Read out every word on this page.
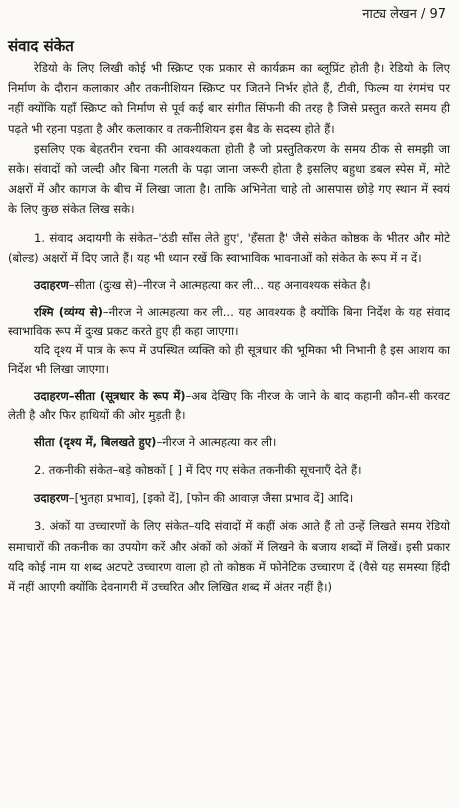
नाट्य लेखन / 97
संवाद संकेत

रेडियो के लिए लिखी कोई भी स्क्रिप्ट एक प्रकार से कार्यक्रम का ब्लूप्रिंट होती है। रेडियो के लिए निर्माण के दौरान कलाकार और तकनीशियन स्क्रिप्ट पर जितने निर्भर होते हैं, टीवी, फिल्म या रंगमंच पर नहीं क्योंकि यहाँ स्क्रिप्ट को निर्माण से पूर्व कई बार संगीत सिंफनी की तरह है जिसे प्रस्तुत करते समय ही पढ़ते भी रहना पड़ता है और कलाकार व तकनीशियन इस बैड के सदस्य होते हैं।

इसलिए एक बेहतरीन रचना की आवश्यकता होती है जो प्रस्तुतिकरण के समय ठीक से समझी जा सके। संवादों को जल्दी और बिना गलती के पढ़ा जाना जरूरी होता है इसलिए बहुधा डबल स्पेस में, मोटे अक्षरों में और कागज के बीच में लिखा जाता है। ताकि अभिनेता चाहे तो आसपास छोड़े गए स्थान में स्वयं के लिए कुछ संकेत लिख सके।

1. संवाद अदायगी के संकेत–'ठंडी साँस लेते हुए', 'हँसता है' जैसे संकेत कोष्ठक के भीतर और मोटे (बोल्ड) अक्षरों में दिए जाते हैं। यह भी ध्यान रखें कि स्वाभाविक भावनाओं को संकेत के रूप में न दें।

उदाहरण–सीता (दुःख से)–नीरज ने आत्महत्या कर ली... यह अनावश्यक संकेत है।

रश्मि (व्यंग्य से)–नीरज ने आत्महत्या कर ली... यह आवश्यक है क्योंकि बिना निर्देश के यह संवाद स्वाभाविक रूप में दुःख प्रकट करते हुए ही कहा जाएगा।

यदि दृश्य में पात्र के रूप में उपस्थित व्यक्ति को ही सूत्रधार की भूमिका भी निभानी है इस आशय का निर्देश भी लिखा जाएगा।

उदाहरण–सीता (सूत्रधार के रूप में)–अब देखिए कि नीरज के जाने के बाद कहानी कौन-सी करवट लेती है और फिर हाथियों की ओर मुड़ती है।

सीता (दृश्य में, बिलखते हुए)–नीरज ने आत्महत्या कर ली।

2. तकनीकी संकेत–बड़े कोष्ठकों [ ] में दिए गए संकेत तकनीकी सूचनाएँ देते हैं।

उदाहरण–[भुतहा प्रभाव], [इको दें], [फोन की आवाज़ जैसा प्रभाव दें] आदि।

3. अंकों या उच्चारणों के लिए संकेत–यदि संवादों में कहीं अंक आते हैं तो उन्हें लिखते समय रेडियो समाचारों की तकनीक का उपयोग करें और अंकों को अंकों में लिखने के बजाय शब्दों में लिखें। इसी प्रकार यदि कोई नाम या शब्द अटपटे उच्चारण वाला हो तो कोष्ठक में फोनेटिक उच्चारण दें (वैसे यह समस्या हिंदी में नहीं आएगी क्योंकि देवनागरी में उच्चरित और लिखित शब्द में अंतर नहीं है।)
